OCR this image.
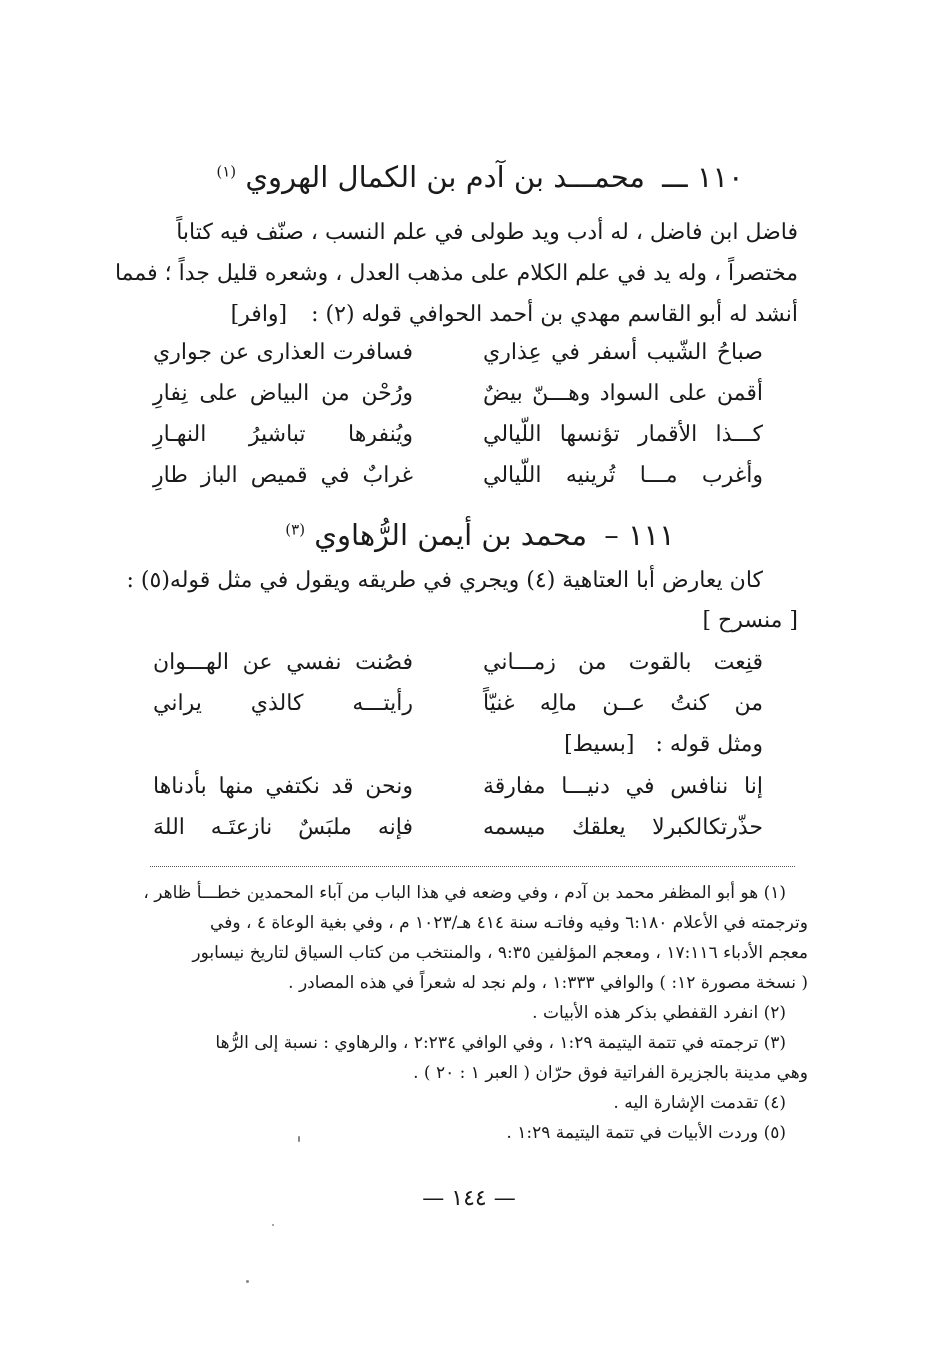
١١٠ ـــ محمـــد بن آدم بن الكمال الهروي $^{(١)}$
فاضل ابن فاضل ، له أدب ويد طولى في علم النسب ، صنّف فيه كتاباً
مختصراً ، وله يد في علم الكلام على مذهب العدل ، وشعره قليل جداً ؛ فمما
أنشد له أبو القاسم مهدي بن أحمد الحوافي قوله (٢) :
[وافر]
صباحُ الشّيب أسفر في عِذاري
فسافرت العذارى عن جواري
أقمن على السواد وهـــنّ بيضٌ
ورُحْن من البياض على نِفارِ
كـــذا الأقمار تؤنسها اللّيالي
ويُنفرها تباشيرُ النهـارِ
وأغرب مـــا تُرينيه اللّيالي
غرابٌ في قميص الباز طارِ
١١١ – محمد بن أيمن الرُّهاوي $^{(٣)}$
كان يعارض أبا العتاهية (٤) ويجري في طريقه ويقول في مثل قوله(٥) :
[ منسرح ]
قنِعت بالقوت من زمـــاني
فصُنت نفسي عن الهـــوان
من كنتُ عــن مالِه غنيّاً
رأيتـــه كالذي يراني
ومثل قوله : [بسيط]
إنا ننافس في دنيـــا مفارقة
ونحن قد نكتفي منها بأدناها
حذّرتكالكبرلا يعلقك ميسمه
فإنه ملبَسٌ نازعتَـه اللهَ
(١) هو أبو المظفر محمد بن آدم ، وفي وضعه في هذا الباب من آباء المحمدين خطـــأ ظاهر ،
وترجمته في الأعلام ٦:١٨٠ وفيه وفاتـه سنة ٤١٤ هـ/١٠٢٣ م ، وفي بغية الوعاة ٤ ، وفي
معجم الأدباء ١٧:١١٦ ، ومعجم المؤلفين ٩:٣٥ ، والمنتخب من كتاب السياق لتاريخ نيسابور
( نسخة مصورة ١٢: ) والوافي ١:٣٣٣ ، ولم نجد له شعراً في هذه المصادر .
(٢) انفرد القفطي بذكر هذه الأبيات .
(٣) ترجمته في تتمة اليتيمة ١:٢٩ ، وفي الوافي ٢:٢٣٤ ، والرهاوي : نسبة إلى الرُّها
وهي مدينة بالجزيرة الفراتية فوق حرّان ( العبر ١ : ٢٠ ) .
(٤) تقدمت الإشارة اليه .
(٥) وردت الأبيات في تتمة اليتيمة ١:٢٩ .
— ١٤٤ —
